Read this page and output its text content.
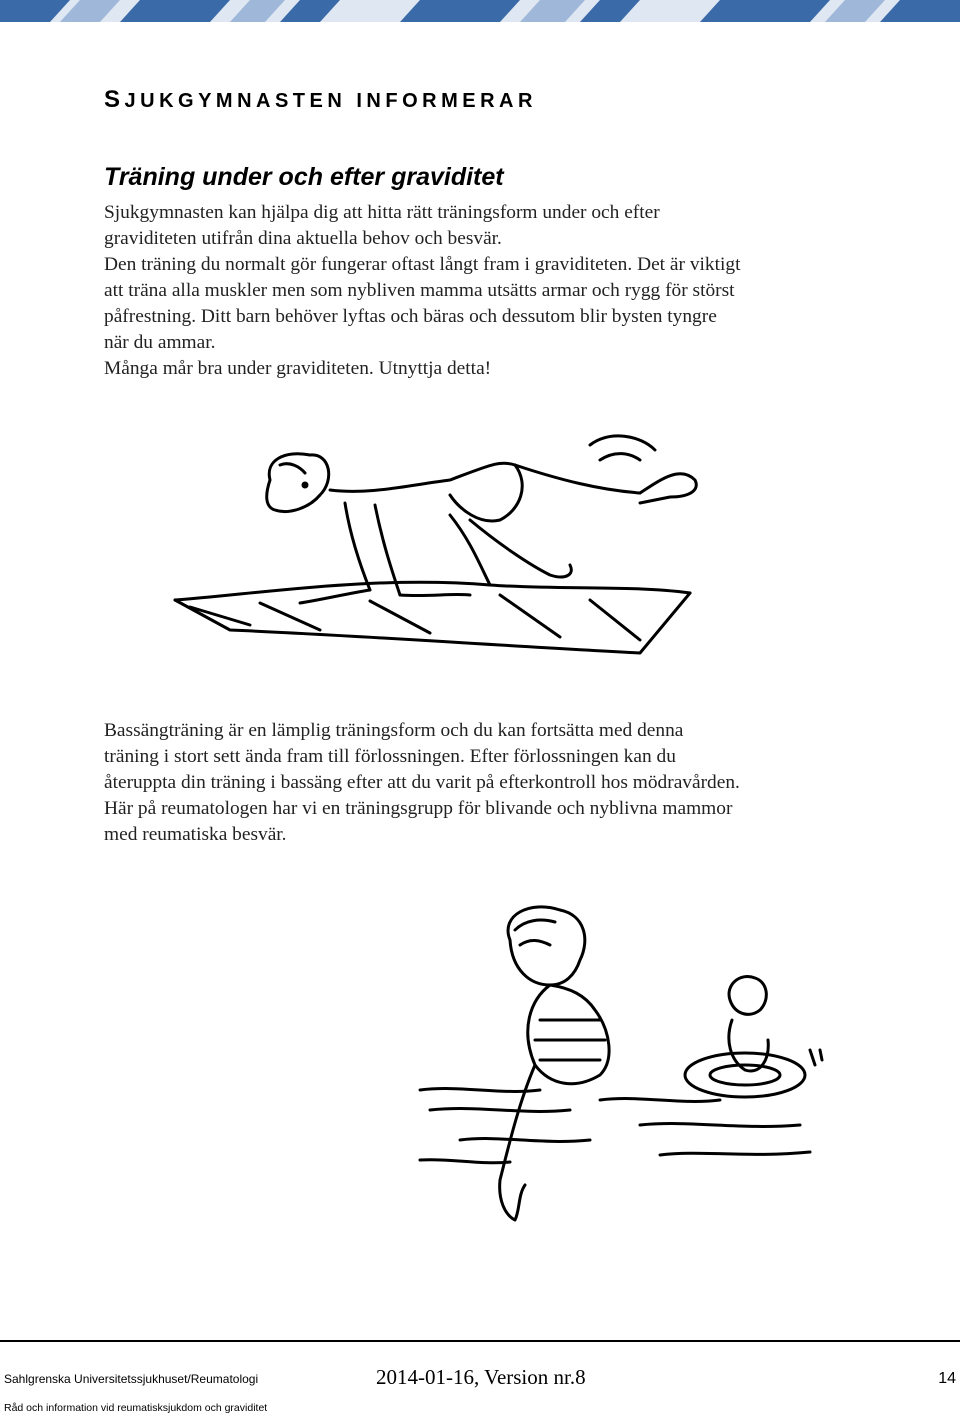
SJUKGYMNASTEN INFORMERAR
Träning under och efter graviditet
Sjukgymnasten kan hjälpa dig att hitta rätt träningsform under och efter
graviditeten utifrån dina aktuella behov och besvär.
Den träning du normalt gör fungerar oftast långt fram i graviditeten. Det är viktigt
att träna alla muskler men som nybliven mamma utsätts armar och rygg för störst
påfrestning. Ditt barn behöver lyftas och bäras och dessutom blir bysten tyngre
när du ammar.
Många mår bra under graviditeten. Utnyttja detta!
Bassängträning är en lämplig träningsform och du kan fortsätta med denna
träning i stort sett ända fram till förlossningen. Efter förlossningen kan du
återuppta din träning i bassäng efter att du varit på efterkontroll hos mödravården.
Här på reumatologen har vi en träningsgrupp för blivande och nyblivna mammor
med reumatiska besvär.
Sahlgrenska Universitetssjukhuset/Reumatologi	2014-01-16, Version nr.8	14
Råd och information vid reumatisksjukdom och graviditet
